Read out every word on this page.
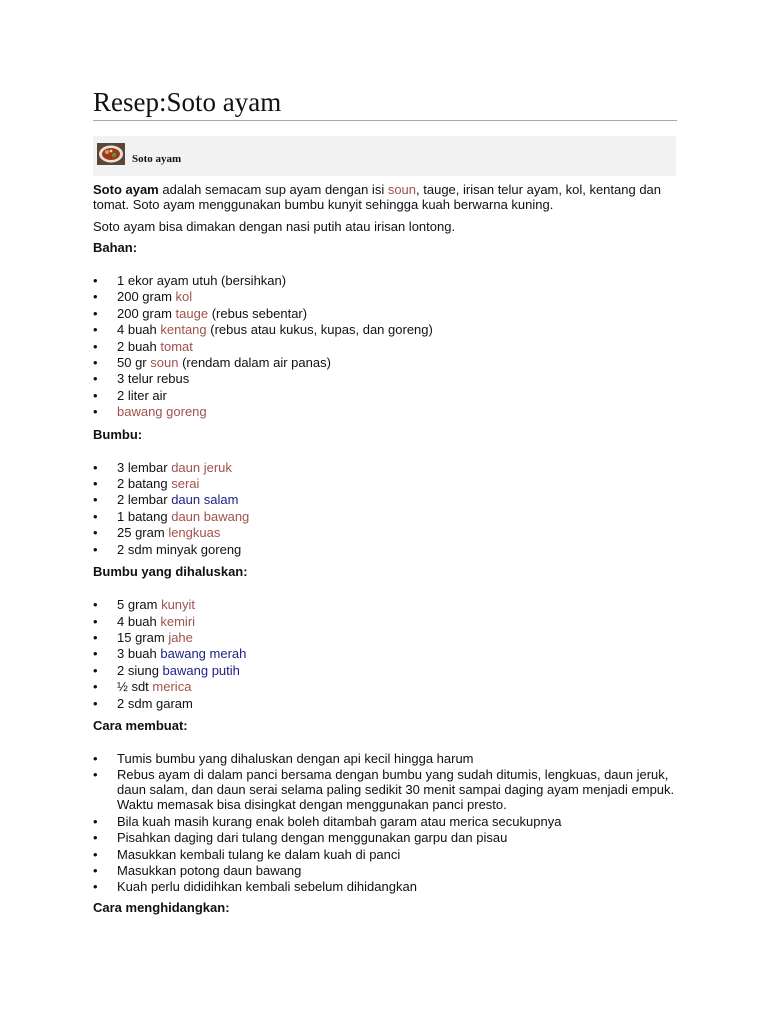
Resep:Soto ayam
Soto ayam

Soto ayam adalah semacam sup ayam dengan isi soun, tauge, irisan telur ayam, kol, kentang dan tomat. Soto ayam menggunakan bumbu kunyit sehingga kuah berwarna kuning.

Soto ayam bisa dimakan dengan nasi putih atau irisan lontong.

Bahan:

• 1 ekor ayam utuh (bersihkan)
• 200 gram kol
• 200 gram tauge (rebus sebentar)
• 4 buah kentang (rebus atau kukus, kupas, dan goreng)
• 2 buah tomat
• 50 gr soun (rendam dalam air panas)
• 3 telur rebus
• 2 liter air
• bawang goreng

Bumbu:

• 3 lembar daun jeruk
• 2 batang serai
• 2 lembar daun salam
• 1 batang daun bawang
• 25 gram lengkuas
• 2 sdm minyak goreng

Bumbu yang dihaluskan:

• 5 gram kunyit
• 4 buah kemiri
• 15 gram jahe
• 3 buah bawang merah
• 2 siung bawang putih
• ½ sdt merica
• 2 sdm garam

Cara membuat:

• Tumis bumbu yang dihaluskan dengan api kecil hingga harum
• Rebus ayam di dalam panci bersama dengan bumbu yang sudah ditumis, lengkuas, daun jeruk, daun salam, dan daun serai selama paling sedikit 30 menit sampai daging ayam menjadi empuk. Waktu memasak bisa disingkat dengan menggunakan panci presto.
• Bila kuah masih kurang enak boleh ditambah garam atau merica secukupnya
• Pisahkan daging dari tulang dengan menggunakan garpu dan pisau
• Masukkan kembali tulang ke dalam kuah di panci
• Masukkan potong daun bawang
• Kuah perlu dididihkan kembali sebelum dihidangkan

Cara menghidangkan:
